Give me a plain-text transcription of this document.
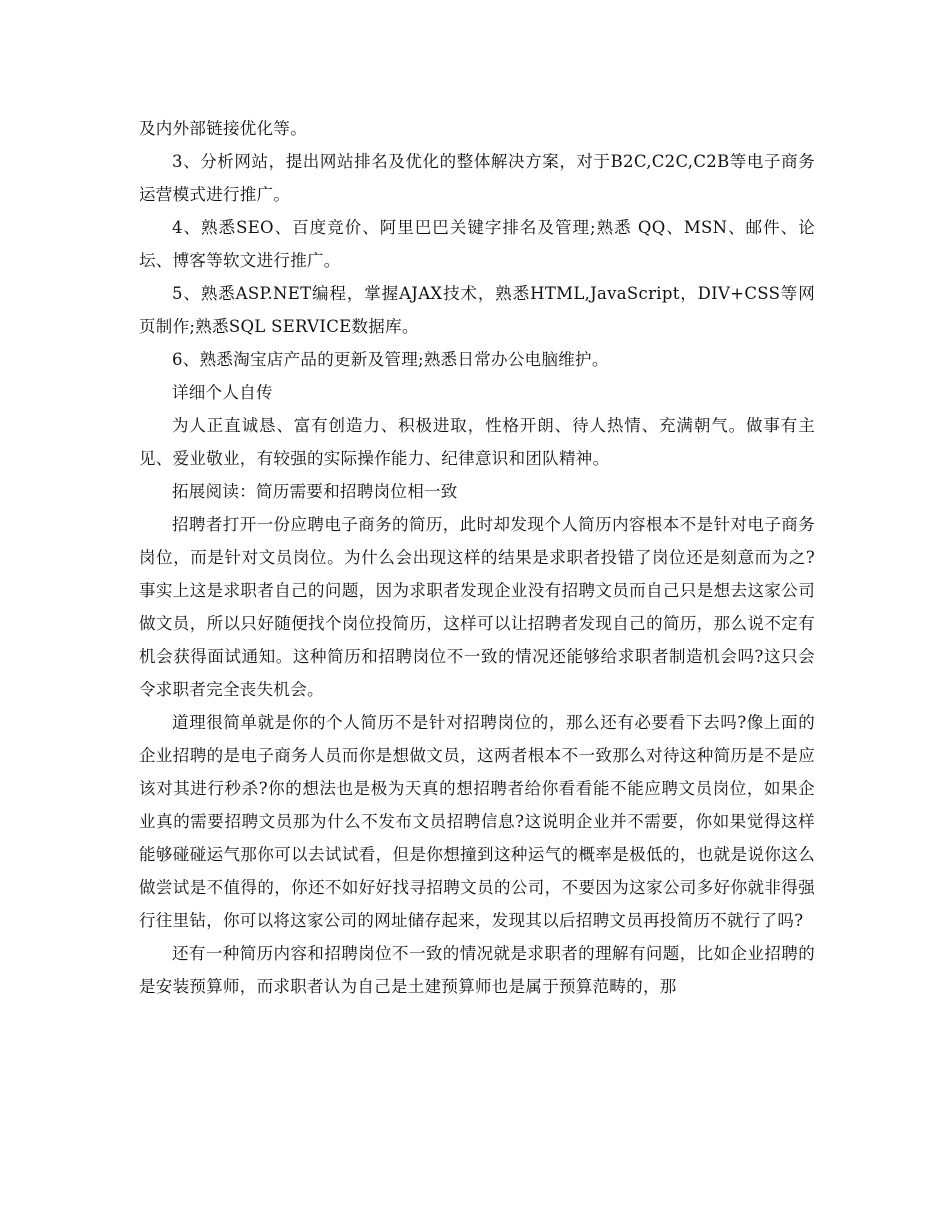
及内外部链接优化等。

3、分析网站，提出网站排名及优化的整体解决方案，对于B2C,C2C,C2B等电子商务运营模式进行推广。

4、熟悉SEO、百度竞价、阿里巴巴关键字排名及管理;熟悉 QQ、MSN、邮件、论坛、博客等软文进行推广。

5、熟悉ASP.NET编程，掌握AJAX技术，熟悉HTML,JavaScript，DIV+CSS等网页制作;熟悉SQL SERVICE数据库。

6、熟悉淘宝店产品的更新及管理;熟悉日常办公电脑维护。

详细个人自传

为人正直诚恳、富有创造力、积极进取，性格开朗、待人热情、充满朝气。做事有主见、爱业敬业，有较强的实际操作能力、纪律意识和团队精神。

拓展阅读：简历需要和招聘岗位相一致

招聘者打开一份应聘电子商务的简历，此时却发现个人简历内容根本不是针对电子商务岗位，而是针对文员岗位。为什么会出现这样的结果是求职者投错了岗位还是刻意而为之?事实上这是求职者自己的问题，因为求职者发现企业没有招聘文员而自己只是想去这家公司做文员，所以只好随便找个岗位投简历，这样可以让招聘者发现自己的简历，那么说不定有机会获得面试通知。这种简历和招聘岗位不一致的情况还能够给求职者制造机会吗?这只会令求职者完全丧失机会。

道理很简单就是你的个人简历不是针对招聘岗位的，那么还有必要看下去吗?像上面的企业招聘的是电子商务人员而你是想做文员，这两者根本不一致那么对待这种简历是不是应该对其进行秒杀?你的想法也是极为天真的想招聘者给你看看能不能应聘文员岗位，如果企业真的需要招聘文员那为什么不发布文员招聘信息?这说明企业并不需要，你如果觉得这样能够碰碰运气那你可以去试试看，但是你想撞到这种运气的概率是极低的，也就是说你这么做尝试是不值得的，你还不如好好找寻招聘文员的公司，不要因为这家公司多好你就非得强行往里钻，你可以将这家公司的网址储存起来，发现其以后招聘文员再投简历不就行了吗?

还有一种简历内容和招聘岗位不一致的情况就是求职者的理解有问题，比如企业招聘的是安装预算师，而求职者认为自己是土建预算师也是属于预算范畴的，那
